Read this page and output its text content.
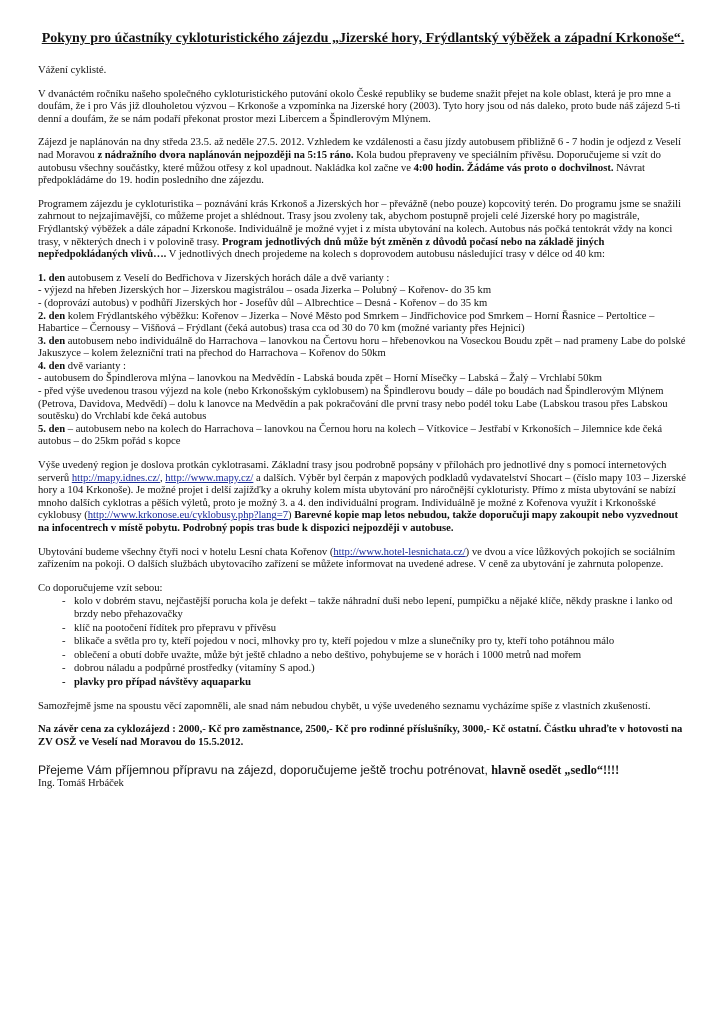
Pokyny pro účastníky cykloturistického zájezdu „Jizerské hory, Frýdlantský výběžek a západní Krkonoše“.

Vážení cyklisté.

V dvanáctém ročníku našeho společného cykloturistického putování okolo České republiky se budeme snažit přejet na kole oblast, která je pro mne a doufám, že i pro Vás již dlouholetou výzvou – Krkonoše a vzpomínka na Jizerské hory (2003). Tyto hory jsou od nás daleko, proto bude náš zájezd 5-ti denní a doufám, že se nám podaří překonat prostor mezi Libercem a Špindlerovým Mlýnem.

Zájezd je naplánován na dny středa 23.5. až neděle 27.5. 2012. Vzhledem ke vzdálenosti a času jízdy autobusem přibližně 6 - 7 hodin je odjezd z Veselí nad Moravou z nádražního dvora naplánován nejpozději na 5:15 ráno. Kola budou přepraveny ve speciálním přívěsu. Doporučujeme si vzít do autobusu všechny součástky, které můžou otřesy z kol upadnout. Nakládka kol začne ve 4:00 hodin. Žádáme vás proto o dochvilnost. Návrat předpokládáme do 19. hodin posledního dne zájezdu.

Programem zájezdu je cykloturistika – poznávání krás Krkonoš a Jizerských hor – převážně (nebo pouze) kopcovitý terén. Do programu jsme se snažili zahrnout to nejzajímavější, co můžeme projet a shlédnout. Trasy jsou zvoleny tak, abychom postupně projeli celé Jizerské hory po magistrále, Frýdlantský výběžek a dále západní Krkonoše. Individuálně je možné vyjet i z místa ubytování na kolech. Autobus nás počká tentokrát vždy na konci trasy, v některých dnech i v polovině trasy. Program jednotlivých dnů může být změněn z důvodů počasí nebo na základě jiných nepředpokládaných vlivů…. V jednotlivých dnech projedeme na kolech s doprovodem autobusu následující trasy v délce od 40 km:

1. den autobusem z Veselí do Bedřichova v Jizerských horách dále a dvě varianty :
- výjezd na hřeben Jizerských hor – Jizerskou magistrálou – osada Jizerka – Polubný – Kořenov- do 35 km
- (doprovází autobus) v podhůří Jizerských hor - Josefův důl – Albrechtice – Desná - Kořenov – do 35 km
2. den kolem Frýdlantského výběžku: Kořenov – Jizerka – Nové Město pod Smrkem – Jindřichovice pod Smrkem – Horní Řasnice – Pertoltice – Habartice – Černousy – Višňová – Frýdlant (čeká autobus) trasa cca od 30 do 70 km (možné varianty přes Hejnici)
3. den autobusem nebo individuálně do Harrachova – lanovkou na Čertovu horu – hřebenovkou na Voseckou Boudu zpět – nad prameny Labe do polské Jakuszyce – kolem železniční trati na přechod do Harrachova – Kořenov do 50km
4. den dvě varianty :
- autobusem do Špindlerova mlýna – lanovkou na Medvědín - Labská bouda zpět – Horní Mísečky – Labská – Žalý – Vrchlabí 50km
- před výše uvedenou trasou výjezd na kole (nebo Krkonošským cyklobusem) na Špindlerovu boudy – dále po boudách nad Špindlerovým Mlýnem (Petrova, Davidova, Medvědí) – dolu k lanovce na Medvědín a pak pokračování dle první trasy nebo podél toku Labe (Labskou trasou přes Labskou soutěsku) do Vrchlabí kde čeká autobus
5. den – autobusem nebo na kolech do Harrachova – lanovkou na Černou horu na kolech – Vítkovice – Jestřabí v Krkonoších – Jilemnice kde čeká autobus – do 25km pořád s kopce

Výše uvedený region je doslova protkán cyklotrasami. Základní trasy jsou podrobně popsány v přílohách pro jednotlivé dny s pomocí internetových serverů http://mapy.idnes.cz/, http://www.mapy.cz/ a dalších. Výběr byl čerpán z mapových podkladů vydavatelství Shocart – (číslo mapy 103 – Jizerské hory a 104 Krkonoše). Je možné projet i delší zajížďky a okruhy kolem místa ubytování pro náročnější cykloturisty. Přímo z místa ubytování se nabízí mnoho dalších cyklotras a pěších výletů, proto je možný 3. a 4. den individuální program. Individuálně je možné z Kořenova využít i Krkonošské cyklobusy (http://www.krkonose.eu/cyklobusy.php?lang=7) Barevné kopie map letos nebudou, takže doporučuji mapy zakoupit nebo vyzvednout na infocentrech v místě pobytu. Podrobný popis tras bude k dispozici nejpozději v autobuse.

Ubytování budeme všechny čtyři noci v hotelu Lesní chata Kořenov (http://www.hotel-lesnichata.cz/) ve dvou a více lůžkových pokojích se sociálním zařízením na pokoji. O dalších službách ubytovacího zařízení se můžete informovat na uvedené adrese. V ceně za ubytování je zahrnuta polopenze.

Co doporučujeme vzít sebou:

- kolo v dobrém stavu, nejčastější porucha kola je defekt – takže náhradní duši nebo lepení, pumpičku a nějaké klíče, někdy praskne i lanko od brzdy nebo přehazovačky
- klíč na pootočení řídítek pro přepravu v přívěsu
- blikače a světla pro ty, kteří pojedou v noci, mlhovky pro ty, kteří pojedou v mlze a slunečníky pro ty, kteří toho potáhnou málo
- oblečení a obutí dobře uvažte, může být ještě chladno a nebo deštivo, pohybujeme se v horách i 1000 metrů nad mořem
- dobrou náladu a podpůrné prostředky (vitamíny S apod.)
- plavky pro případ návštěvy aquaparku

Samozřejmě jsme na spoustu věcí zapomněli, ale snad nám nebudou chybět, u výše uvedeného seznamu vycházíme spíše z vlastních zkušeností.

Na závěr cena za cyklozájezd : 2000,- Kč pro zaměstnance, 2500,- Kč pro rodinné příslušníky, 3000,- Kč ostatní. Částku uhraďte v hotovosti na ZV OSŽ ve Veselí nad Moravou do 15.5.2012.

Přejeme Vám příjemnou přípravu na zájezd, doporučujeme ještě trochu potrénovat, hlavně osedět „sedlo“!!!!

Ing. Tomáš Hrbáček
